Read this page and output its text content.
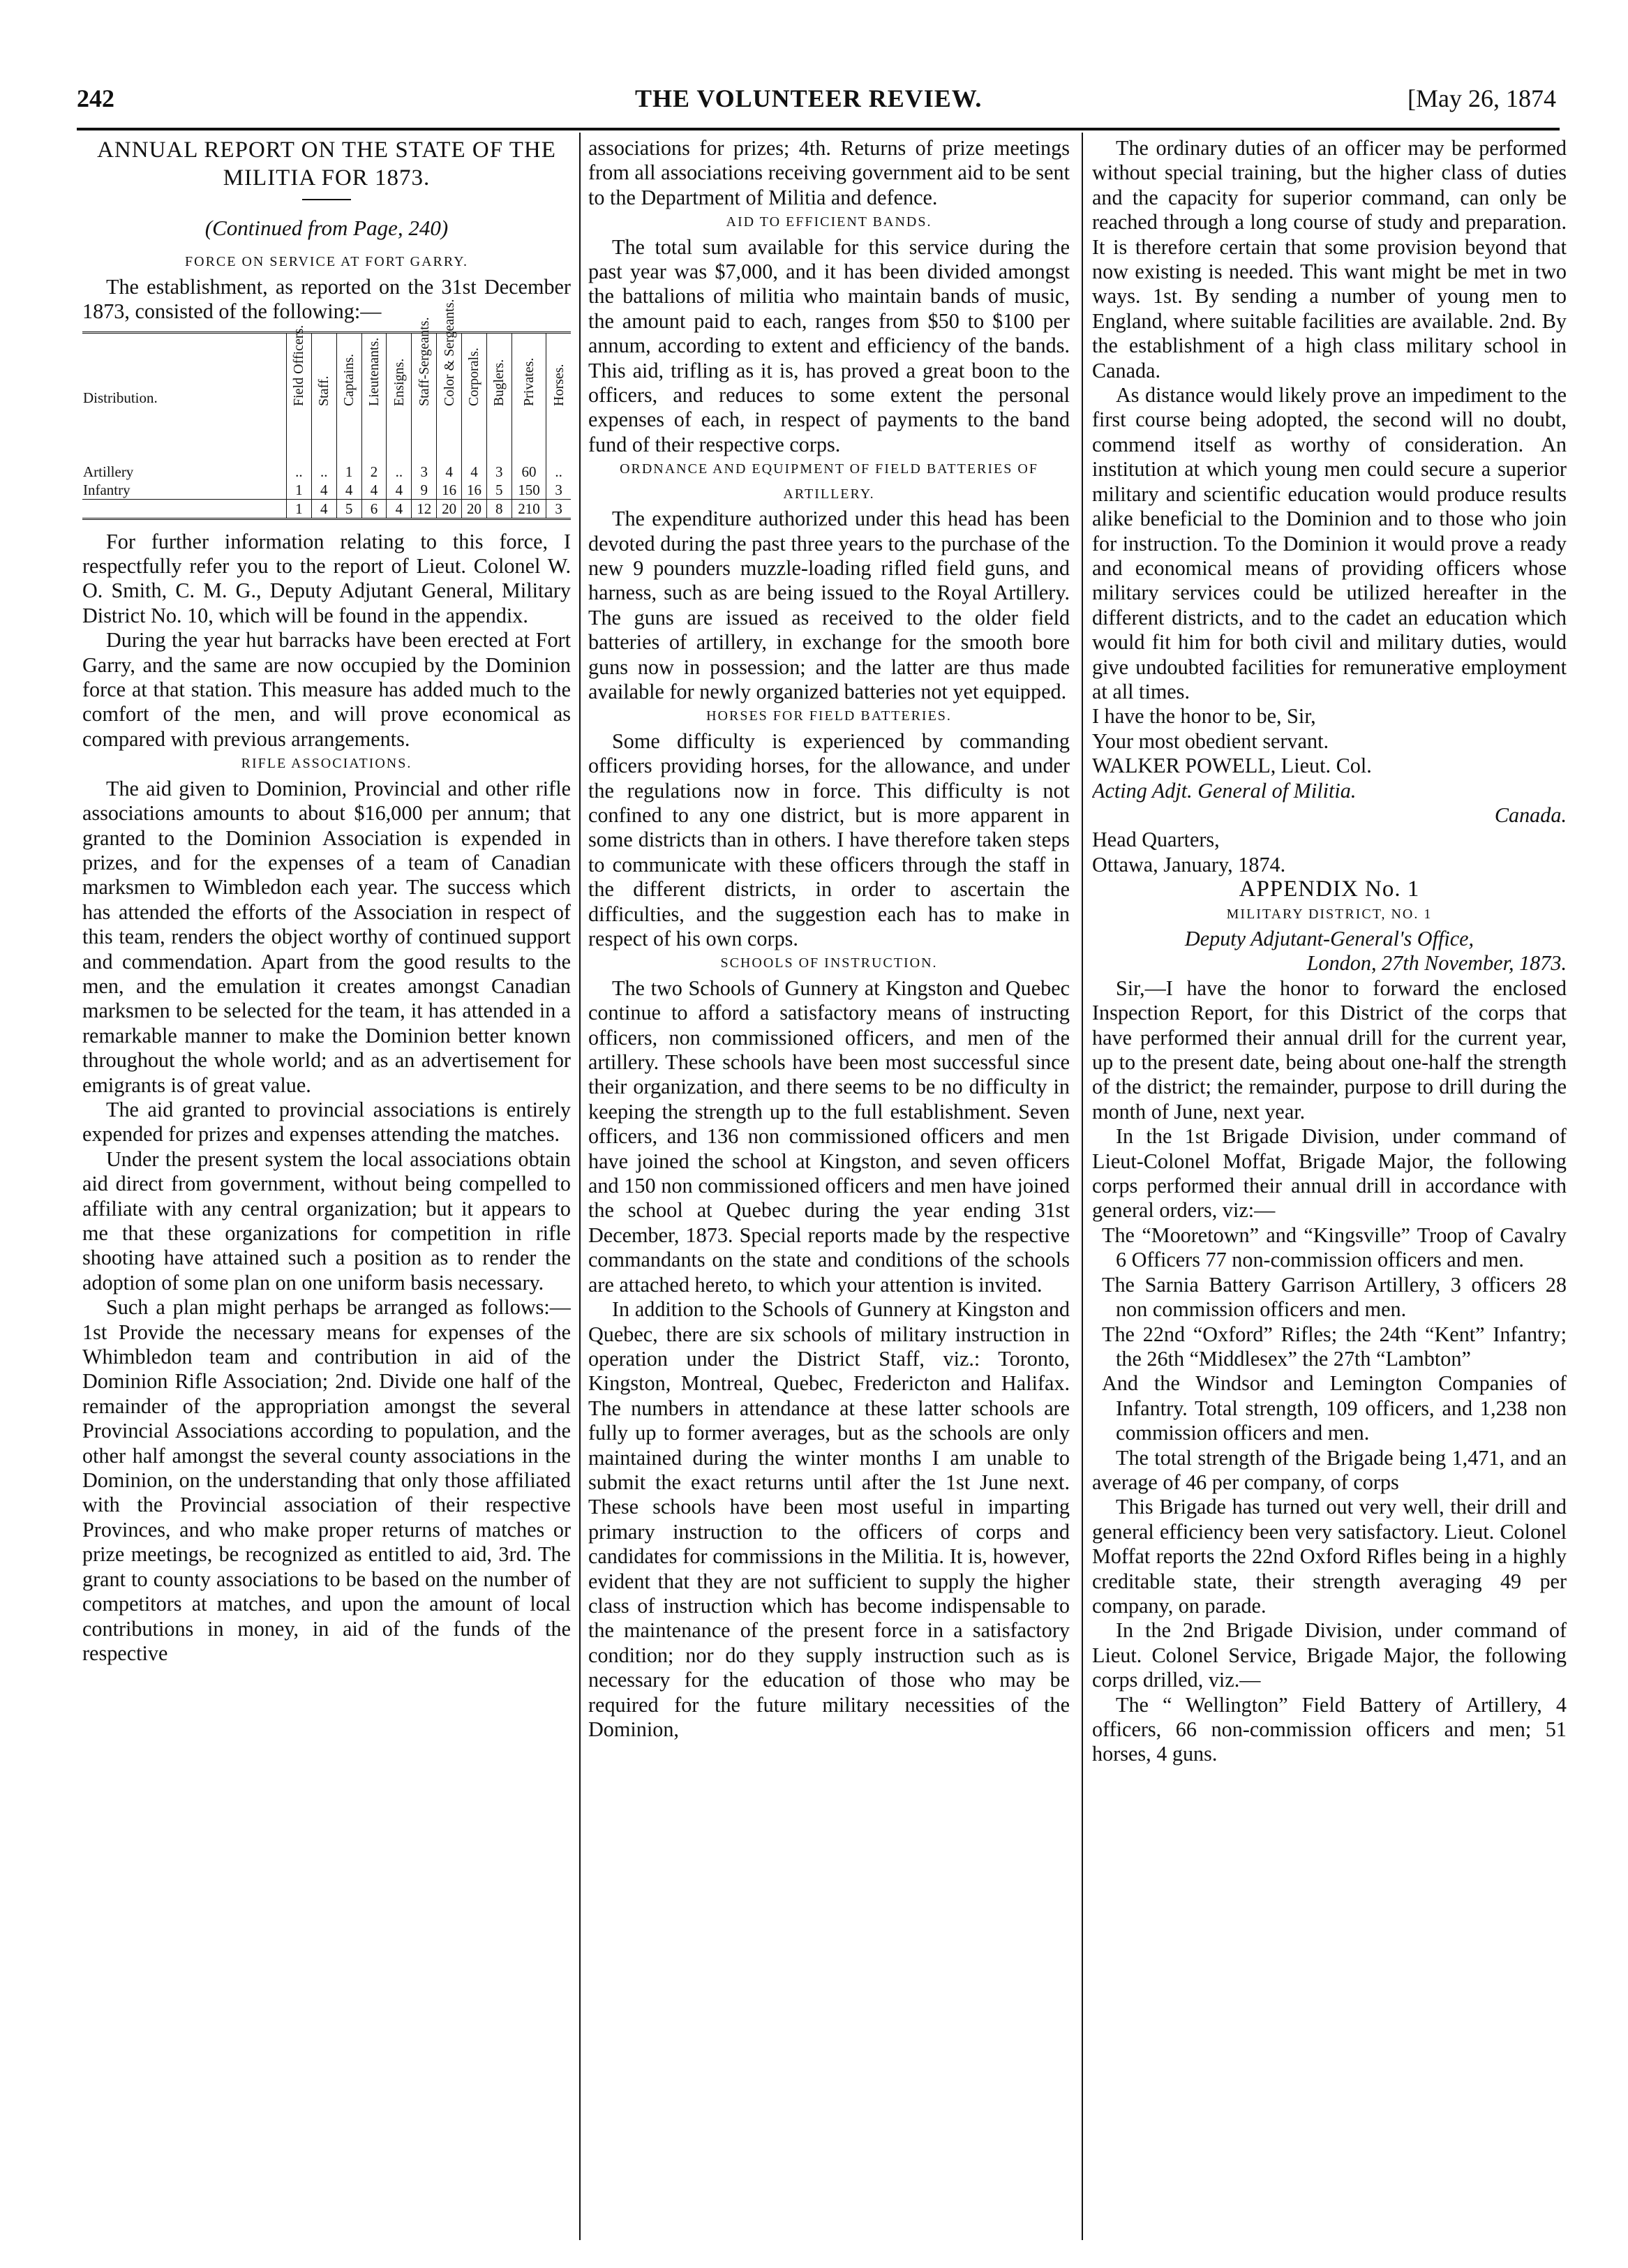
242	THE VOLUNTEER REVIEW.	[May 26, 1874
ANNUAL REPORT ON THE STATE OF THE MILITIA FOR 1873.
(Continued from Page, 240)

FORCE ON SERVICE AT FORT GARRY.

The establishment, as reported on the 31st December 1873, consisted of the following:—

Distribution.	Field Officers.	Staff.	Captains.	Lieutenants.	Ensigns.	Staff-Sergeants.	Color & Sergeants.	Corporals.	Buglers.	Privates.	Horses.
Artillery	..	..	1	2	..	3	4	4	3	60	..
Infantry	1	4	4	4	4	9	16	16	5	150	3
	1	4	5	6	4	12	20	20	8	210	3

For further information relating to this force, I respectfully refer you to the report of Lieut. Colonel W. O. Smith, C. M. G., Deputy Adjutant General, Military District No. 10, which will be found in the appendix.

During the year hut barracks have been erected at Fort Garry, and the same are now occupied by the Dominion force at that station. This measure has added much to the comfort of the men, and will prove economical as compared with previous arrangements.

RIFLE ASSOCIATIONS.

The aid given to Dominion, Provincial and other rifle associations amounts to about $16,000 per annum; that granted to the Dominion Association is expended in prizes, and for the expenses of a team of Canadian marksmen to Wimbledon each year. The success which has attended the efforts of the Association in respect of this team, renders the object worthy of continued support and commendation. Apart from the good results to the men, and the emulation it creates amongst Canadian marksmen to be selected for the team, it has attended in a remarkable manner to make the Dominion better known throughout the whole world; and as an advertisement for emigrants is of great value.

The aid granted to provincial associations is entirely expended for prizes and expenses attending the matches.

Under the present system the local associations obtain aid direct from government, without being compelled to affiliate with any central organization; but it appears to me that these organizations for competition in rifle shooting have attained such a position as to render the adoption of some plan on one uniform basis necessary.

Such a plan might perhaps be arranged as follows:—1st Provide the necessary means for expenses of the Whimbledon team and contribution in aid of the Dominion Rifle Association; 2nd. Divide one half of the remainder of the appropriation amongst the several Provincial Associations according to population, and the other half amongst the several county associations in the Dominion, on the understanding that only those affiliated with the Provincial association of their respective Provinces, and who make proper returns of matches or prize meetings, be recognized as entitled to aid, 3rd. The grant to county associations to be based on the number of competitors at matches, and upon the amount of local contributions in money, in aid of the funds of the respective

associations for prizes; 4th. Returns of prize meetings from all associations receiving government aid to be sent to the Department of Militia and defence.

AID TO EFFICIENT BANDS.

The total sum available for this service during the past year was $7,000, and it has been divided amongst the battalions of militia who maintain bands of music, the amount paid to each, ranges from $50 to $100 per annum, according to extent and efficiency of the bands. This aid, trifling as it is, has proved a great boon to the officers, and reduces to some extent the personal expenses of each, in respect of payments to the band fund of their respective corps.

ORDNANCE AND EQUIPMENT OF FIELD BATTERIES OF ARTILLERY.

The expenditure authorized under this head has been devoted during the past three years to the purchase of the new 9 pounders muzzle-loading rifled field guns, and harness, such as are being issued to the Royal Artillery. The guns are issued as received to the older field batteries of artillery, in exchange for the smooth bore guns now in possession; and the latter are thus made available for newly organized batteries not yet equipped.

HORSES FOR FIELD BATTERIES.

Some difficulty is experienced by commanding officers providing horses, for the allowance, and under the regulations now in force. This difficulty is not confined to any one district, but is more apparent in some districts than in others. I have therefore taken steps to communicate with these officers through the staff in the different districts, in order to ascertain the difficulties, and the suggestion each has to make in respect of his own corps.

SCHOOLS OF INSTRUCTION.

The two Schools of Gunnery at Kingston and Quebec continue to afford a satisfactory means of instructing officers, non commissioned officers, and men of the artillery. These schools have been most successful since their organization, and there seems to be no difficulty in keeping the strength up to the full establishment. Seven officers, and 136 non commissioned officers and men have joined the school at Kingston, and seven officers and 150 non commissioned officers and men have joined the school at Quebec during the year ending 31st December, 1873. Special reports made by the respective commandants on the state and conditions of the schools are attached hereto, to which your attention is invited.

In addition to the Schools of Gunnery at Kingston and Quebec, there are six schools of military instruction in operation under the District Staff, viz.: Toronto, Kingston, Montreal, Quebec, Fredericton and Halifax. The numbers in attendance at these latter schools are fully up to former averages, but as the schools are only maintained during the winter months I am unable to submit the exact returns until after the 1st June next. These schools have been most useful in imparting primary instruction to the officers of corps and candidates for commissions in the Militia. It is, however, evident that they are not sufficient to supply the higher class of instruction which has become indispensable to the maintenance of the present force in a satisfactory condition; nor do they supply instruction such as is necessary for the education of those who may be required for the future military necessities of the Dominion,

The ordinary duties of an officer may be performed without special training, but the higher class of duties and the capacity for superior command, can only be reached through a long course of study and preparation. It is therefore certain that some provision beyond that now existing is needed. This want might be met in two ways. 1st. By sending a number of young men to England, where suitable facilities are available. 2nd. By the establishment of a high class military school in Canada.

As distance would likely prove an impediment to the first course being adopted, the second will no doubt, commend itself as worthy of consideration. An institution at which young men could secure a superior military and scientific education would produce results alike beneficial to the Dominion and to those who join for instruction. To the Dominion it would prove a ready and economical means of providing officers whose military services could be utilized hereafter in the different districts, and to the cadet an education which would fit him for both civil and military duties, would give undoubted facilities for remunerative employment at all times.

I have the honor to be, Sir,

Your most obedient servant.

WALKER POWELL, Lieut. Col.

Acting Adjt. General of Militia.

Canada.

Head Quarters,

Ottawa, January, 1874.

APPENDIX No. 1

MILITARY DISTRICT, NO. 1

Deputy Adjutant-General's Office,

London, 27th November, 1873.

Sir,—I have the honor to forward the enclosed Inspection Report, for this District of the corps that have performed their annual drill for the current year, up to the present date, being about one-half the strength of the district; the remainder, purpose to drill during the month of June, next year.

In the 1st Brigade Division, under command of Lieut-Colonel Moffat, Brigade Major, the following corps performed their annual drill in accordance with general orders, viz:—

The “Mooretown” and “Kingsville” Troop of Cavalry 6 Officers 77 non-commission officers and men.

The Sarnia Battery Garrison Artillery, 3 officers 28 non commission officers and men.

The 22nd “Oxford” Rifles; the 24th “Kent” Infantry; the 26th “Middlesex” the 27th “Lambton”

And the Windsor and Lemington Companies of Infantry. Total strength, 109 officers, and 1,238 non commission officers and men.

The total strength of the Brigade being 1,471, and an average of 46 per company, of corps

This Brigade has turned out very well, their drill and general efficiency been very satisfactory. Lieut. Colonel Moffat reports the 22nd Oxford Rifles being in a highly creditable state, their strength averaging 49 per company, on parade.

In the 2nd Brigade Division, under command of Lieut. Colonel Service, Brigade Major, the following corps drilled, viz.—

The “ Wellington” Field Battery of Artillery, 4 officers, 66 non-commission officers and men; 51 horses, 4 guns.
